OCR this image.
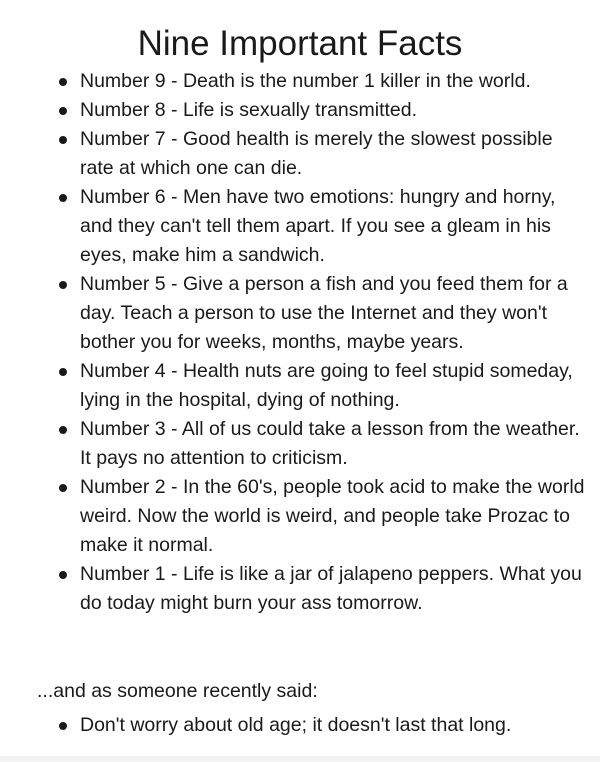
Nine Important Facts
Number 9 - Death is the number 1 killer in the world.
Number 8 - Life is sexually transmitted.
Number 7 - Good health is merely the slowest possible rate at which one can die.
Number 6 - Men have two emotions: hungry and horny, and they can't tell them apart. If you see a gleam in his eyes, make him a sandwich.
Number 5 - Give a person a fish and you feed them for a day. Teach a person to use the Internet and they won't bother you for weeks, months, maybe years.
Number 4 - Health nuts are going to feel stupid someday, lying in the hospital, dying of nothing.
Number 3 - All of us could take a lesson from the weather. It pays no attention to criticism.
Number 2 - In the 60's, people took acid to make the world weird. Now the world is weird, and people take Prozac to make it normal.
Number 1 - Life is like a jar of jalapeno peppers. What you do today might burn your ass tomorrow.

...and as someone recently said:

Don't worry about old age; it doesn't last that long.
